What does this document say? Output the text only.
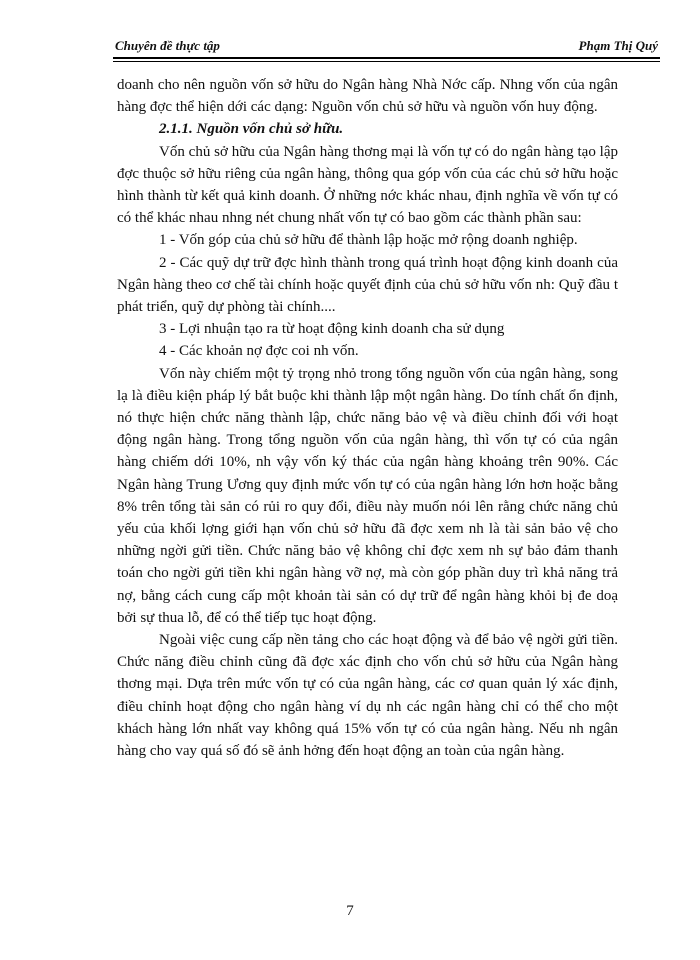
Chuyên đề thực tập	Phạm Thị Quý

doanh cho nên nguồn vốn sở hữu do Ngân hàng Nhà Nớc cấp. Nhng vốn của ngân hàng đợc thể hiện dới các dạng: Nguồn vốn chủ sở hữu và nguồn vốn huy động.

2.1.1. Nguồn vốn chủ sở hữu.

Vốn chủ sở hữu của Ngân hàng thơng mại là vốn tự có do ngân hàng tạo lập đợc thuộc sở hữu riêng của ngân hàng, thông qua góp vốn của các chủ sở hữu hoặc hình thành từ kết quả kinh doanh. Ở những nớc khác nhau, định nghĩa về vốn tự có có thể khác nhau nhng nét chung nhất vốn tự có bao gồm các thành phần sau:

1 - Vốn góp của chủ sở hữu để thành lập hoặc mở rộng doanh nghiệp.

2 - Các quỹ dự trữ đợc hình thành trong quá trình hoạt động kinh doanh của Ngân hàng theo cơ chế tài chính hoặc quyết định của chủ sở hữu vốn nh: Quỹ đầu t phát triển, quỹ dự phòng tài chính....

3 - Lợi nhuận tạo ra từ hoạt động kinh doanh cha sử dụng

4 - Các khoản nợ đợc coi nh vốn.

Vốn này chiếm một tỷ trọng nhỏ trong tổng nguồn vốn của ngân hàng, song lạ là điều kiện pháp lý bắt buộc khi thành lập một ngân hàng. Do tính chất ổn định, nó thực hiện chức năng thành lập, chức năng bảo vệ và điều chỉnh đối với hoạt động ngân hàng. Trong tổng nguồn vốn của ngân hàng, thì vốn tự có của ngân hàng chiếm dới 10%, nh vậy vốn ký thác của ngân hàng khoảng trên 90%. Các Ngân hàng Trung Ương quy định mức vốn tự có của ngân hàng lớn hơn hoặc bằng 8% trên tổng tài sản có rủi ro quy đổi, điều này muốn nói lên rằng chức năng chủ yếu của khối lợng giới hạn vốn chủ sở hữu đã đợc xem nh là tài sản bảo vệ cho những ngời gửi tiền. Chức năng bảo vệ không chỉ đợc xem nh sự bảo đảm thanh toán cho ngời gửi tiền khi ngân hàng vỡ nợ, mà còn góp phần duy trì khả năng trả nợ, bằng cách cung cấp một khoản tài sản có dự trữ để ngân hàng khỏi bị đe doạ bởi sự thua lỗ, để có thể tiếp tục hoạt động.

Ngoài việc cung cấp nền tảng cho các hoạt động và để bảo vệ ngời gửi tiền. Chức năng điều chỉnh cũng đã đợc xác định cho vốn chủ sở hữu của Ngân hàng thơng mại. Dựa trên mức vốn tự có của ngân hàng, các cơ quan quản lý xác định, điều chỉnh hoạt động cho ngân hàng ví dụ nh các ngân hàng chỉ có thể cho một khách hàng lớn nhất vay không quá 15% vốn tự có của ngân hàng. Nếu nh ngân hàng cho vay quá số đó sẽ ảnh hởng đến hoạt động an toàn của ngân hàng.

7
